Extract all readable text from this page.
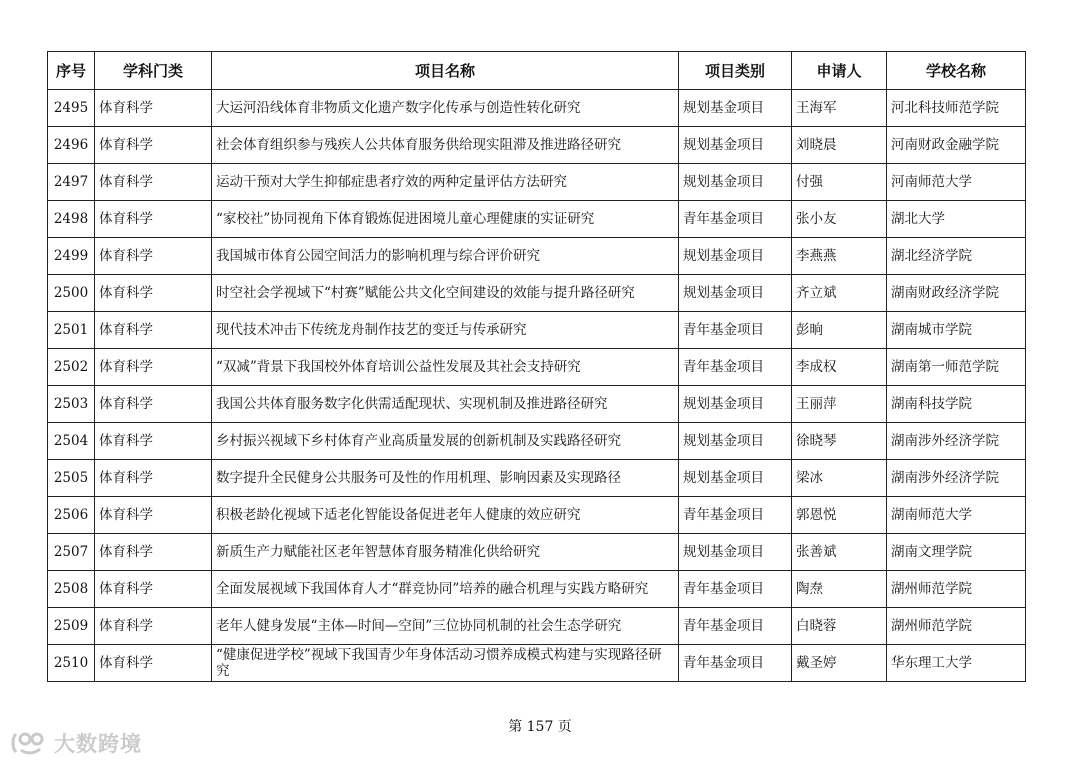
序号	学科门类	项目名称	项目类别	申请人	学校名称
2495	体育科学	大运河沿线体育非物质文化遗产数字化传承与创造性转化研究	规划基金项目	王海军	河北科技师范学院
2496	体育科学	社会体育组织参与残疾人公共体育服务供给现实阻滞及推进路径研究	规划基金项目	刘晓晨	河南财政金融学院
2497	体育科学	运动干预对大学生抑郁症患者疗效的两种定量评估方法研究	规划基金项目	付强	河南师范大学
2498	体育科学	“家校社”协同视角下体育锻炼促进困境儿童心理健康的实证研究	青年基金项目	张小友	湖北大学
2499	体育科学	我国城市体育公园空间活力的影响机理与综合评价研究	规划基金项目	李燕燕	湖北经济学院
2500	体育科学	时空社会学视域下“村赛”赋能公共文化空间建设的效能与提升路径研究	规划基金项目	齐立斌	湖南财政经济学院
2501	体育科学	现代技术冲击下传统龙舟制作技艺的变迁与传承研究	青年基金项目	彭晌	湖南城市学院
2502	体育科学	“双减”背景下我国校外体育培训公益性发展及其社会支持研究	青年基金项目	李成权	湖南第一师范学院
2503	体育科学	我国公共体育服务数字化供需适配现状、实现机制及推进路径研究	规划基金项目	王丽萍	湖南科技学院
2504	体育科学	乡村振兴视域下乡村体育产业高质量发展的创新机制及实践路径研究	规划基金项目	徐晓琴	湖南涉外经济学院
2505	体育科学	数字提升全民健身公共服务可及性的作用机理、影响因素及实现路径	规划基金项目	梁冰	湖南涉外经济学院
2506	体育科学	积极老龄化视域下适老化智能设备促进老年人健康的效应研究	青年基金项目	郭恩悦	湖南师范大学
2507	体育科学	新质生产力赋能社区老年智慧体育服务精准化供给研究	规划基金项目	张善斌	湖南文理学院
2508	体育科学	全面发展视域下我国体育人才“群竞协同”培养的融合机理与实践方略研究	青年基金项目	陶焘	湖州师范学院
2509	体育科学	老年人健身发展“主体—时间—空间”三位协同机制的社会生态学研究	青年基金项目	白晓蓉	湖州师范学院
2510	体育科学	“健康促进学校”视域下我国青少年身体活动习惯养成模式构建与实现路径研究	青年基金项目	戴圣婷	华东理工大学
第 157 页
大数跨境
